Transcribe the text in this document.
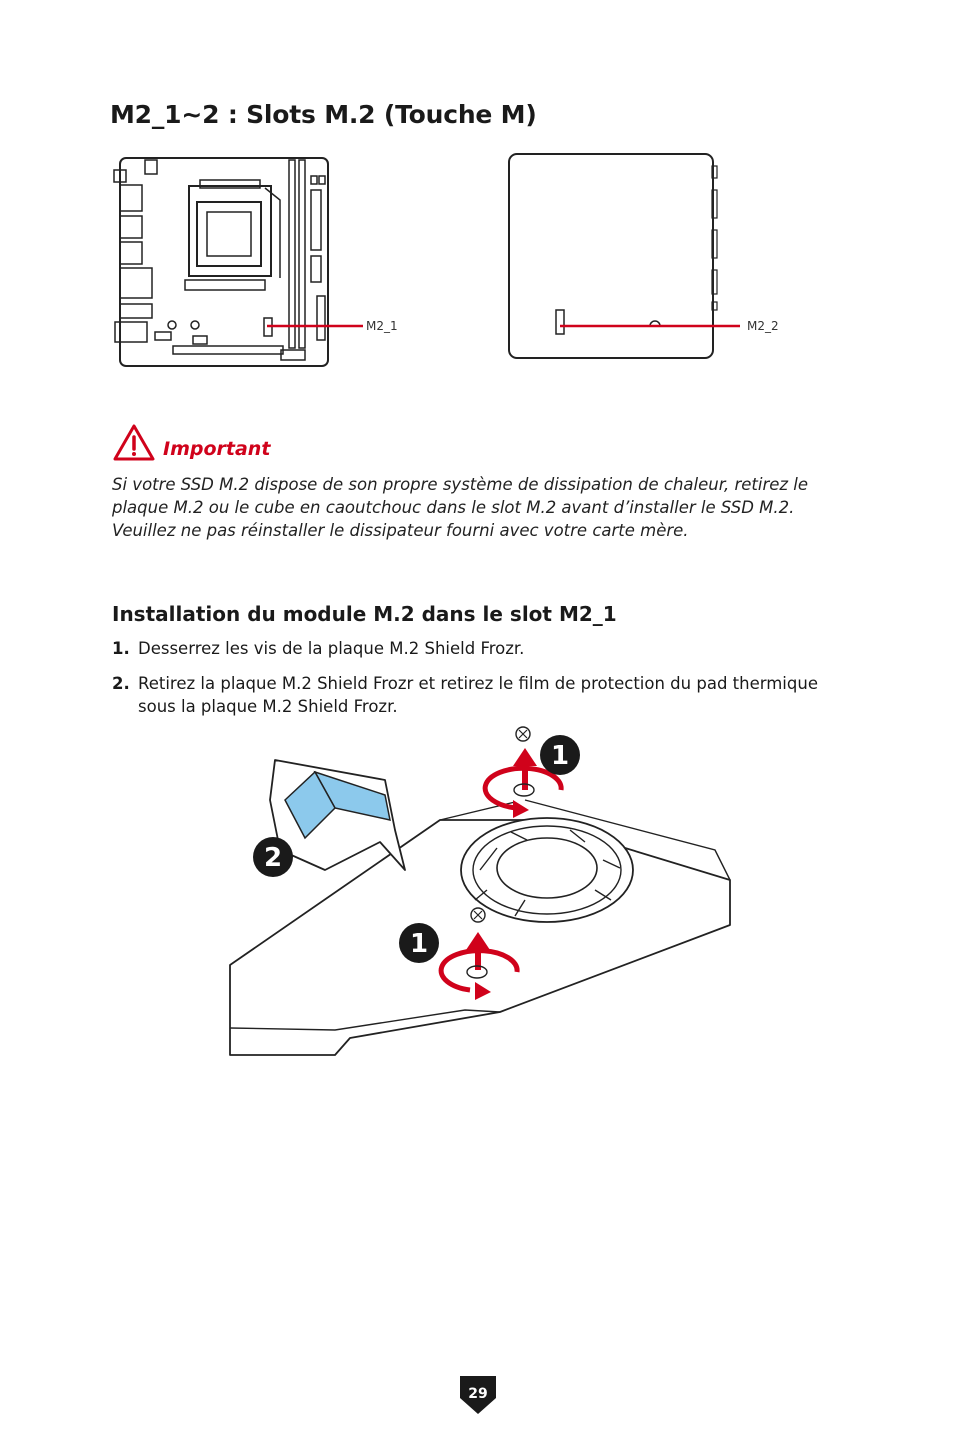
M2_1~2 : Slots M.2 (Touche M)
M2_1	M2_2
Important
Si votre SSD M.2 dispose de son propre système de dissipation de chaleur, retirez le plaque M.2 ou le cube en caoutchouc dans le slot M.2 avant d’installer le SSD M.2. Veuillez ne pas réinstaller le dissipateur fourni avec votre carte mère.
Installation du module M.2 dans le slot M2_1
1. Desserrez les vis de la plaque M.2 Shield Frozr.
2. Retirez la plaque M.2 Shield Frozr et retirez le film de protection du pad thermique sous la plaque M.2 Shield Frozr.
1
2
1
29
